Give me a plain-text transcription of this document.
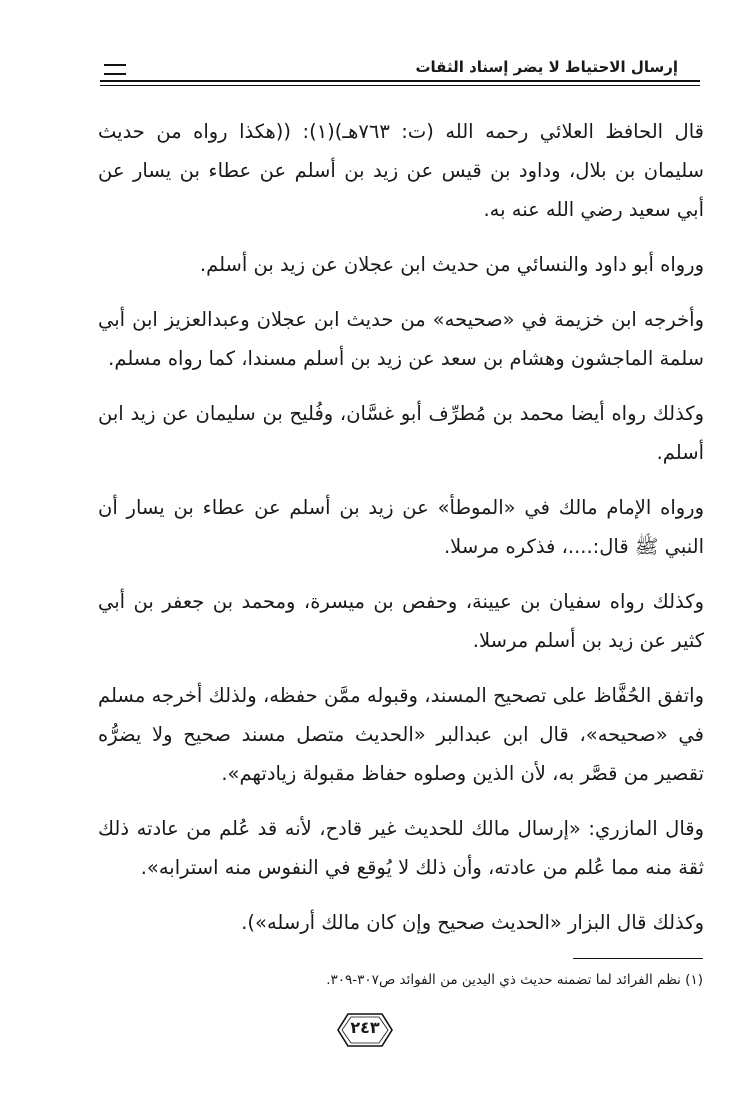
إرسال الاحتياط لا يضر إسناد الثقات

قال الحافظ العلائي رحمه الله (ت: ٧٦٣هـ)(١): ((هكذا رواه من حديث سليمان بن بلال، وداود بن قيس عن زيد بن أسلم عن عطاء بن يسار عن أبي سعيد رضي الله عنه به.

ورواه أبو داود والنسائي من حديث ابن عجلان عن زيد بن أسلم.

وأخرجه ابن خزيمة في «صحيحه» من حديث ابن عجلان وعبدالعزيز ابن أبي سلمة الماجشون وهشام بن سعد عن زيد بن أسلم مسندا، كما رواه مسلم.

وكذلك رواه أيضا محمد بن مُطرِّف أبو غسَّان، وفُليح بن سليمان عن زيد ابن أسلم.

ورواه الإمام مالك في «الموطأ» عن زيد بن أسلم عن عطاء بن يسار أن النبي ﷺ قال:....، فذكره مرسلا.

وكذلك رواه سفيان بن عيينة، وحفص بن ميسرة، ومحمد بن جعفر بن أبي كثير عن زيد بن أسلم مرسلا.

واتفق الحُفَّاظ على تصحيح المسند، وقبوله ممَّن حفظه، ولذلك أخرجه مسلم في «صحيحه»، قال ابن عبدالبر «الحديث متصل مسند صحيح ولا يضرُّه تقصير من قصَّر به، لأن الذين وصلوه حفاظ مقبولة زيادتهم».

وقال المازري: «إرسال مالك للحديث غير قادح، لأنه قد عُلم من عادته ذلك ثقة منه مما عُلم من عادته، وأن ذلك لا يُوقع في النفوس منه استرابه».

وكذلك قال البزار «الحديث صحيح وإن كان مالك أرسله»).

(١) نظم الفرائد لما تضمنه حديث ذي اليدين من الفوائد ص٣٠٧-٣٠٩.
٢٤٣
